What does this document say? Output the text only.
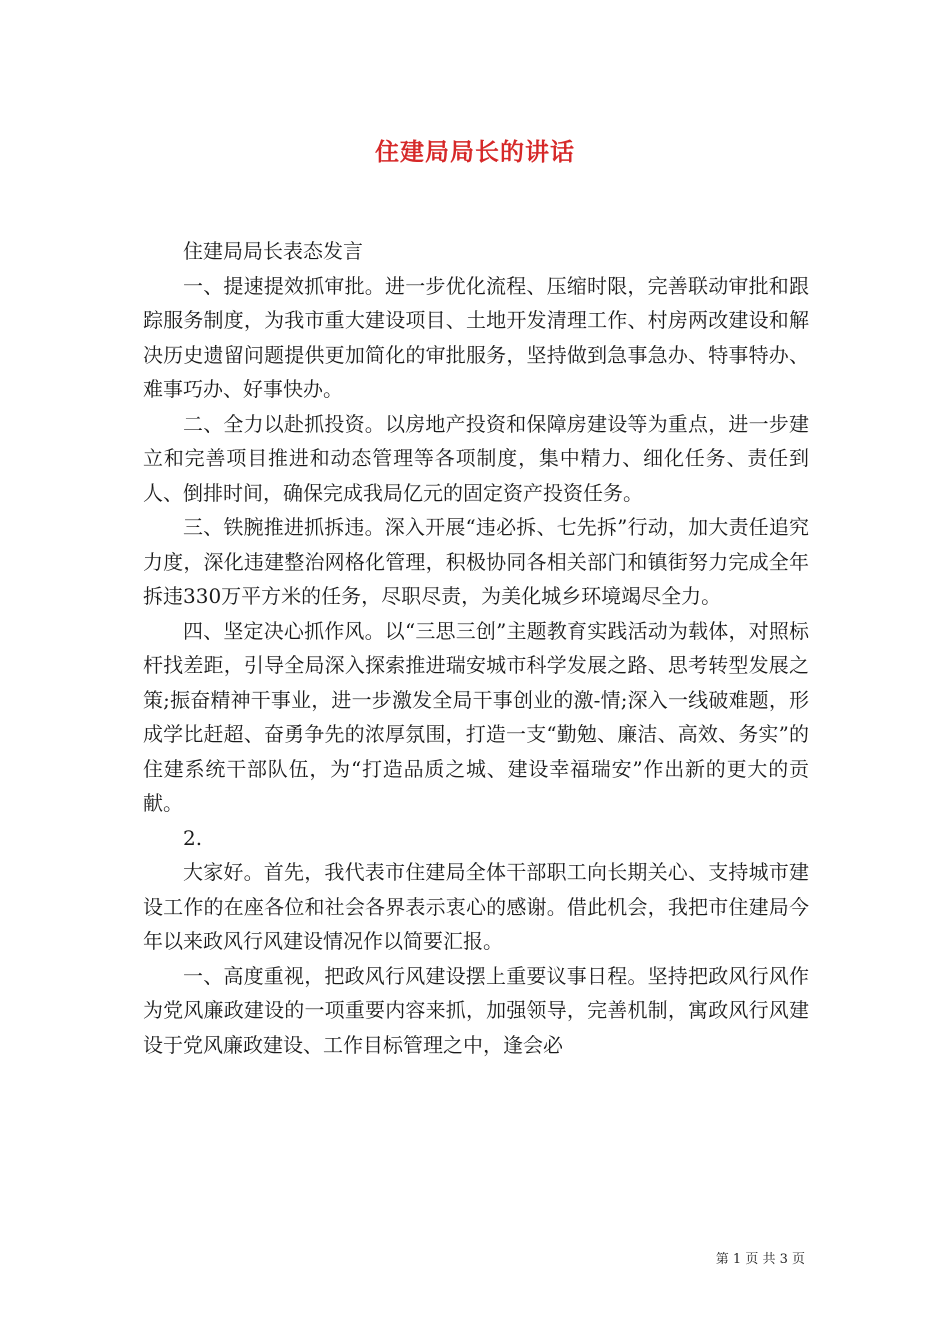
住建局局长的讲话

住建局局长表态发言

一、提速提效抓审批。进一步优化流程、压缩时限，完善联动审批和跟踪服务制度，为我市重大建设项目、土地开发清理工作、村房两改建设和解决历史遗留问题提供更加简化的审批服务，坚持做到急事急办、特事特办、难事巧办、好事快办。

二、全力以赴抓投资。以房地产投资和保障房建设等为重点，进一步建立和完善项目推进和动态管理等各项制度，集中精力、细化任务、责任到人、倒排时间，确保完成我局亿元的固定资产投资任务。

三、铁腕推进抓拆违。深入开展“违必拆、七先拆”行动，加大责任追究力度，深化违建整治网格化管理，积极协同各相关部门和镇街努力完成全年拆违330万平方米的任务，尽职尽责，为美化城乡环境竭尽全力。

四、坚定决心抓作风。以“三思三创”主题教育实践活动为载体，对照标杆找差距，引导全局深入探索推进瑞安城市科学发展之路、思考转型发展之策;振奋精神干事业，进一步激发全局干事创业的激-情;深入一线破难题，形成学比赶超、奋勇争先的浓厚氛围，打造一支“勤勉、廉洁、高效、务实”的住建系统干部队伍，为“打造品质之城、建设幸福瑞安”作出新的更大的贡献。

2.

大家好。首先，我代表市住建局全体干部职工向长期关心、支持城市建设工作的在座各位和社会各界表示衷心的感谢。借此机会，我把市住建局今年以来政风行风建设情况作以简要汇报。

一、高度重视，把政风行风建设摆上重要议事日程。坚持把政风行风作为党风廉政建设的一项重要内容来抓，加强领导，完善机制，寓政风行风建设于党风廉政建设、工作目标管理之中，逢会必

第 1 页 共 3 页
